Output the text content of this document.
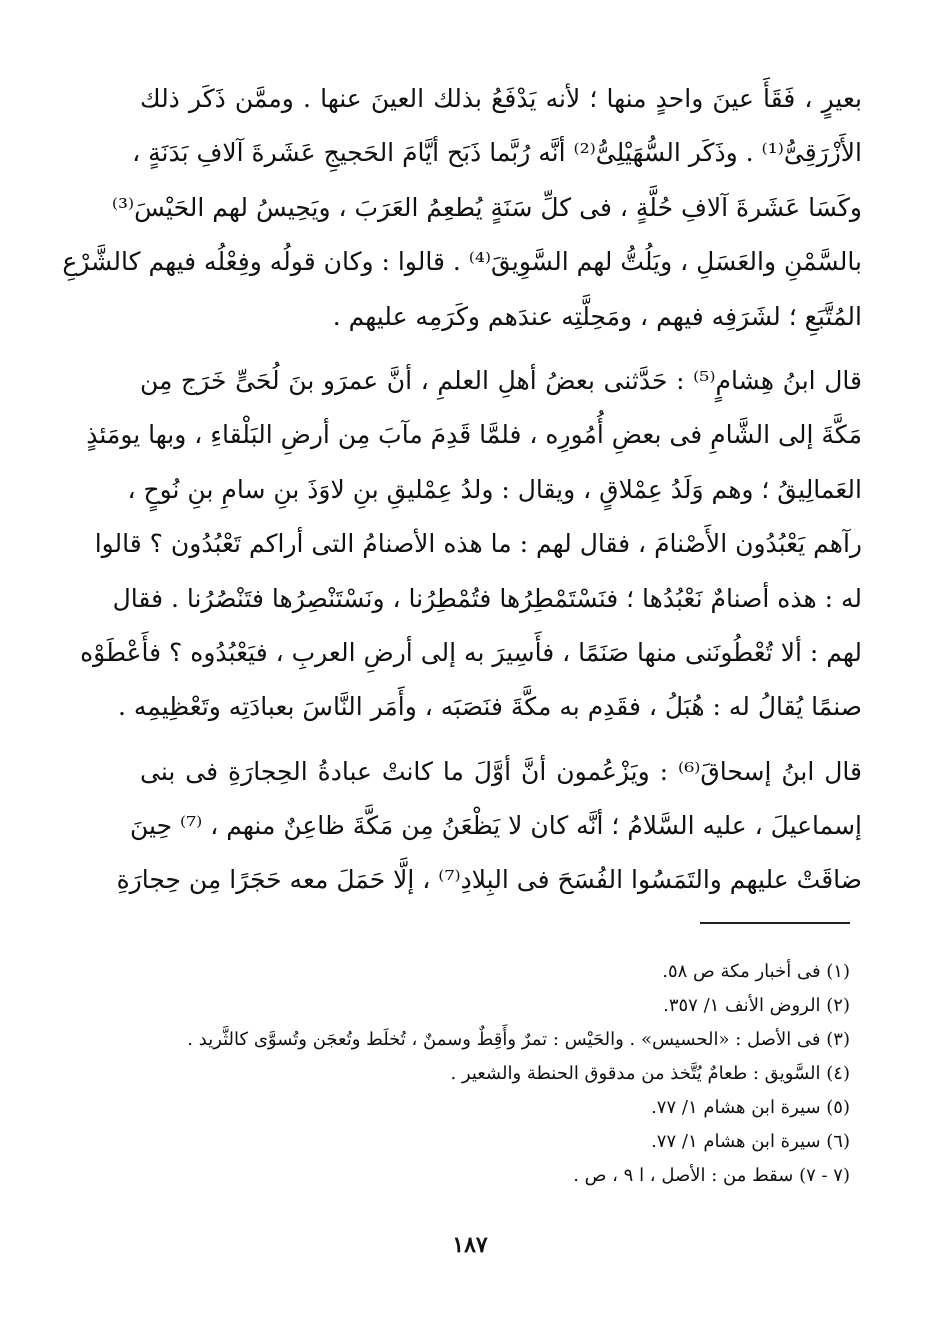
بعيرٍ ، فَقَأَ عينَ واحدٍ منها ؛ لأنه يَدْفَعُ بذلك العينَ عنها . وممَّن ذَكَر ذلك
الأَزْرَقِىُّ⁽¹⁾ . وذَكَر السُّهَيْلِىُّ⁽²⁾ أنَّه رُبَّما ذَبَح أيَّامَ الحَجيجِ عَشَرةَ آلافِ بَدَنَةٍ ،
وكَسَا عَشَرةَ آلافِ حُلَّةٍ ، فى كلِّ سَنَةٍ يُطعِمُ العَرَبَ ، ويَحِيسُ لهم الحَيْسَ⁽³⁾
بالسَّمْنِ والعَسَلِ ، ويَلُتُّ لهم السَّوِيقَ⁽⁴⁾ . قالوا : وكان قولُه وفِعْلُه فيهم كالشَّرْعِ
المُتَّبَعِ ؛ لشَرَفِه فيهم ، ومَحِلَّتِه عندَهم وكَرَمِه عليهم .
قال ابنُ هِشامٍ⁽⁵⁾ : حَدَّثنى بعضُ أهلِ العلمِ ، أنَّ عمرَو بنَ لُحَىٍّ خَرَج مِن
مَكَّةَ إلى الشَّامِ فى بعضِ أُمُورِه ، فلمَّا قَدِمَ مآبَ مِن أرضِ البَلْقاءِ ، وبها يومَئذٍ
العَمالِيقُ ؛ وهم وَلَدُ عِمْلاقٍ ، ويقال : ولدُ عِمْليقِ بنِ لاوَذَ بنِ سامِ بنِ نُوحٍ ،
رآهم يَعْبُدُون الأَصْنامَ ، فقال لهم : ما هذه الأصنامُ التى أراكم تَعْبُدُون ؟ قالوا
له : هذه أصنامٌ نَعْبُدُها ؛ فنَسْتَمْطِرُها فتُمْطِرُنا ، ونَسْتَنْصِرُها فتَنْصُرُنا . فقال
لهم : ألا تُعْطُونَنى منها صَنَمًا ، فأَسِيرَ به إلى أرضِ العربِ ، فيَعْبُدُوه ؟ فأَعْطَوْه
صنمًا يُقالُ له : هُبَلُ ، فقَدِم به مكَّةَ فنَصَبَه ، وأَمَر النَّاسَ بعبادَتِه وتَعْظِيمِه .
قال ابنُ إسحاقَ⁽⁶⁾ : ويَزْعُمون أنَّ أوَّلَ ما كانتْ عبادةُ الحِجارَةِ فى بنى
إسماعيلَ ، عليه السَّلامُ ؛ أنَّه كان لا يَظْعَنُ مِن مَكَّةَ ظاعِنٌ منهم ، ⁽⁷⁾ حِينَ
ضاقَتْ عليهم والتَمَسُوا الفُسَحَ فى البِلادِ⁽⁷⁾ ، إلَّا حَمَلَ معه حَجَرًا مِن حِجارَةِ
(١) فى أخبار مكة ص ٥٨.
(٢) الروض الأنف ١/ ٣٥٧.
(٣) فى الأصل : «الحسيس» . والحَيْس : تمرٌ وأَقِطٌ وسمنٌ ، تُخلَط وتُعجَن وتُسوَّى كالثَّريد .
(٤) السَّويق : طعامٌ يُتَّخذ من مدقوق الحنطة والشعير .
(٥) سيرة ابن هشام ١/ ٧٧.
(٦) سيرة ابن هشام ١/ ٧٧.
(٧ - ٧) سقط من : الأصل ، ا ٩ ، ص .
١٨٧
